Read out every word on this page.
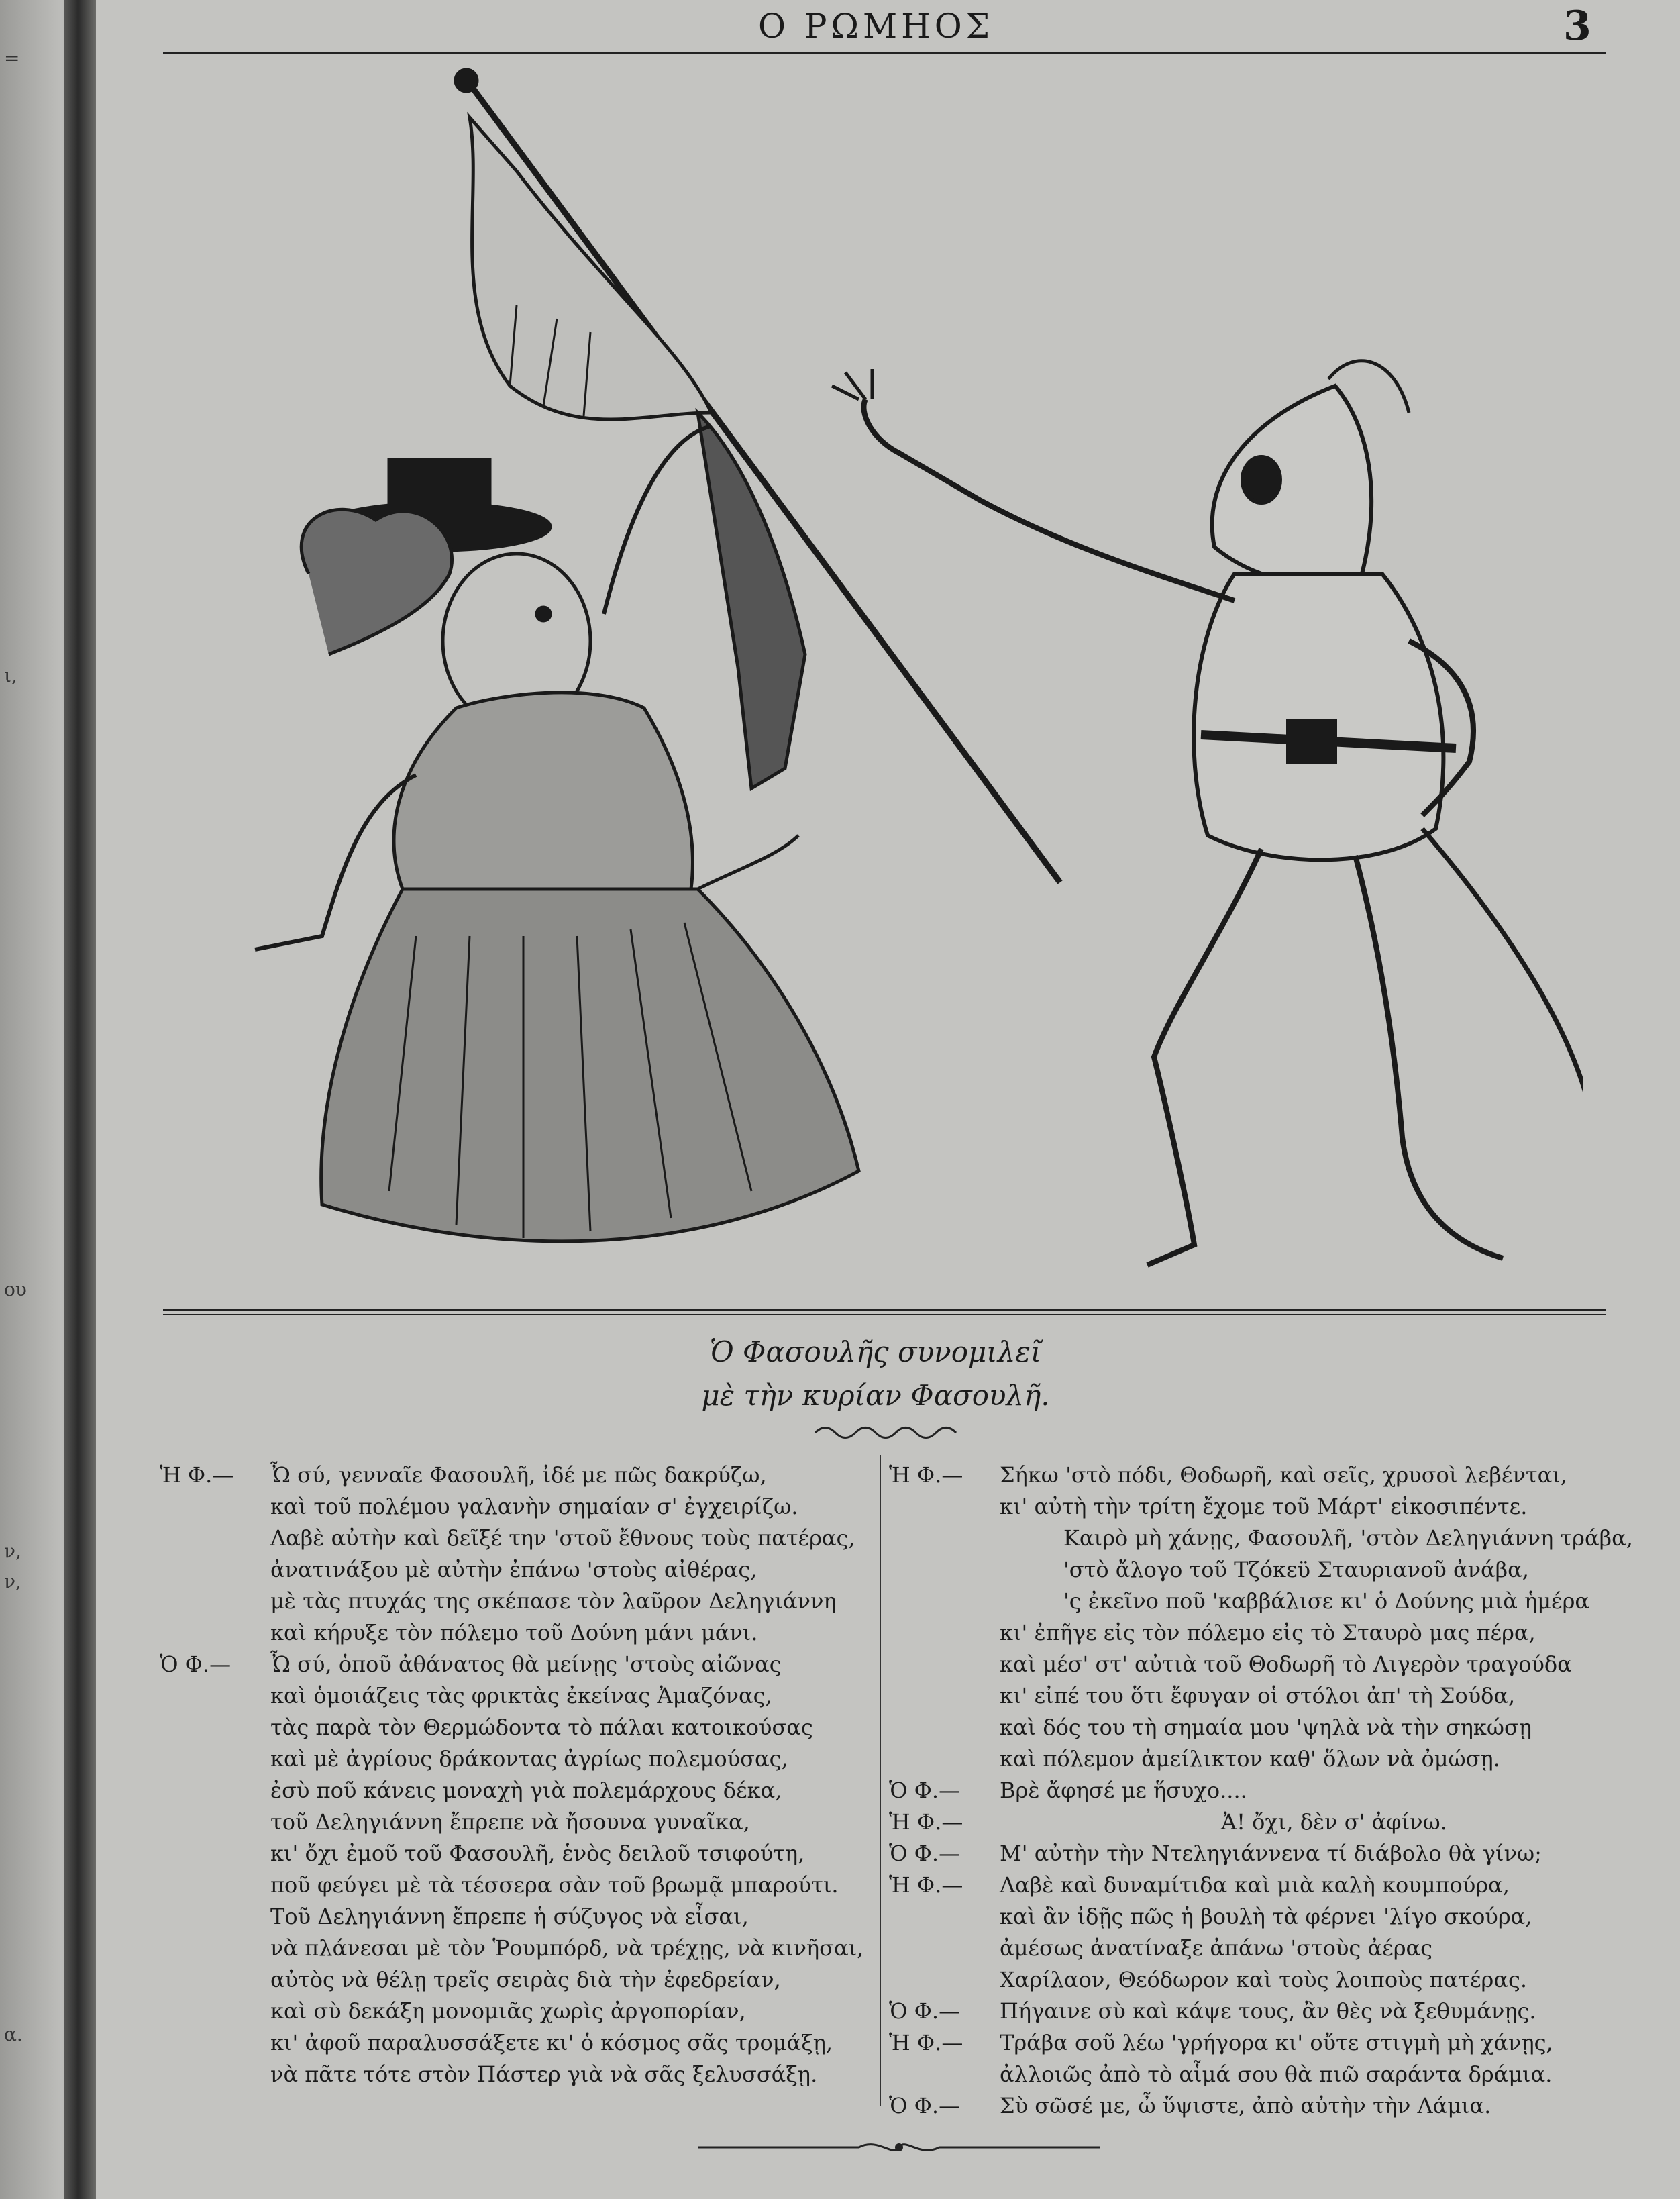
=
ι,
ου
ν,
ν,
α.
Ο ΡΩΜΗΟΣ	3
Ὁ Φασουλῆς συνομιλεῖ
μὲ τὴν κυρίαν Φασουλῆ.
Ἡ Φ.— Ὦ σύ, γενναῖε Φασουλῆ, ἰδέ με πῶς δακρύζω,
καὶ τοῦ πολέμου γαλανὴν σημαίαν σ' ἐγχειρίζω.
Λαβὲ αὐτὴν καὶ δεῖξέ την 'στοῦ ἔθνους τοὺς πατέρας,
ἀνατινάξου μὲ αὐτὴν ἐπάνω 'στοὺς αἰθέρας,
μὲ τὰς πτυχάς της σκέπασε τὸν λαῦρον Δεληγιάννη
καὶ κήρυξε τὸν πόλεμο τοῦ Δούνη μάνι μάνι.
Ὁ Φ.— Ὦ σύ, ὁποῦ ἀθάνατος θὰ μείνῃς 'στοὺς αἰῶνας
καὶ ὁμοιάζεις τὰς φρικτὰς ἐκείνας Ἀμαζόνας,
τὰς παρὰ τὸν Θερμώδοντα τὸ πάλαι κατοικούσας
καὶ μὲ ἀγρίους δράκοντας ἀγρίως πολεμούσας,
ἐσὺ ποῦ κάνεις μοναχὴ γιὰ πολεμάρχους δέκα,
τοῦ Δεληγιάννη ἔπρεπε νὰ ἤσουνα γυναῖκα,
κι' ὄχι ἐμοῦ τοῦ Φασουλῆ, ἑνὸς δειλοῦ τσιφούτη,
ποῦ φεύγει μὲ τὰ τέσσερα σὰν τοῦ βρωμᾷ μπαρούτι.
Τοῦ Δεληγιάννη ἔπρεπε ἡ σύζυγος νὰ εἶσαι,
νὰ πλάνεσαι μὲ τὸν Ῥουμπόρδ, νὰ τρέχῃς, νὰ κινῆσαι,
αὐτὸς νὰ θέλῃ τρεῖς σειρὰς διὰ τὴν ἐφεδρείαν,
καὶ σὺ δεκάξη μονομιᾶς χωρὶς ἀργοπορίαν,
κι' ἀφοῦ παραλυσσάξετε κι' ὁ κόσμος σᾶς τρομάξῃ,
νὰ πᾶτε τότε στὸν Πάστερ γιὰ νὰ σᾶς ξελυσσάξῃ.
Ἡ Φ.— Σήκω 'στὸ πόδι, Θοδωρῆ, καὶ σεῖς, χρυσοὶ λεβένται,
κι' αὐτὴ τὴν τρίτη ἔχομε τοῦ Μάρτ' εἰκοσιπέντε.
Καιρὸ μὴ χάνῃς, Φασουλῆ, 'στὸν Δεληγιάννη τράβα,
'στὸ ἄλογο τοῦ Τζόκεϋ Σταυριανοῦ ἀνάβα,
'ς ἐκεῖνο ποῦ 'καββάλισε κι' ὁ Δούνης μιὰ ἡμέρα
κι' ἐπῆγε εἰς τὸν πόλεμο εἰς τὸ Σταυρὸ μας πέρα,
καὶ μέσ' στ' αὐτιὰ τοῦ Θοδωρῆ τὸ Λιγερὸν τραγούδα
κι' εἰπέ του ὅτι ἔφυγαν οἱ στόλοι ἀπ' τὴ Σούδα,
καὶ δός του τὴ σημαία μου 'ψηλὰ νὰ τὴν σηκώσῃ
καὶ πόλεμον ἀμείλικτον καθ' ὅλων νὰ ὀμώσῃ.
Ὁ Φ.— Βρὲ ἄφησέ με ἥσυχο....
Ἡ Φ.—	Ἀ! ὄχι, δὲν σ' ἀφίνω.
Ὁ Φ.— Μ' αὐτὴν τὴν Ντεληγιάννενα τί διάβολο θὰ γίνω;
Ἡ Φ.— Λαβὲ καὶ δυναμίτιδα καὶ μιὰ καλὴ κουμπούρα,
καὶ ἂν ἰδῇς πῶς ἡ βουλὴ τὰ φέρνει 'λίγο σκούρα,
ἀμέσως ἀνατίναξε ἀπάνω 'στοὺς ἀέρας
Χαρίλαον, Θεόδωρον καὶ τοὺς λοιποὺς πατέρας.
Ὁ Φ.— Πήγαινε σὺ καὶ κάψε τους, ἂν θὲς νὰ ξεθυμάνῃς.
Ἡ Φ.— Τράβα σοῦ λέω 'γρήγορα κι' οὔτε στιγμὴ μὴ χάνῃς,
ἀλλοιῶς ἀπὸ τὸ αἷμά σου θὰ πιῶ σαράντα δράμια.
Ὁ Φ.— Σὺ σῶσέ με, ὦ ὕψιστε, ἀπὸ αὐτὴν τὴν Λάμια.
